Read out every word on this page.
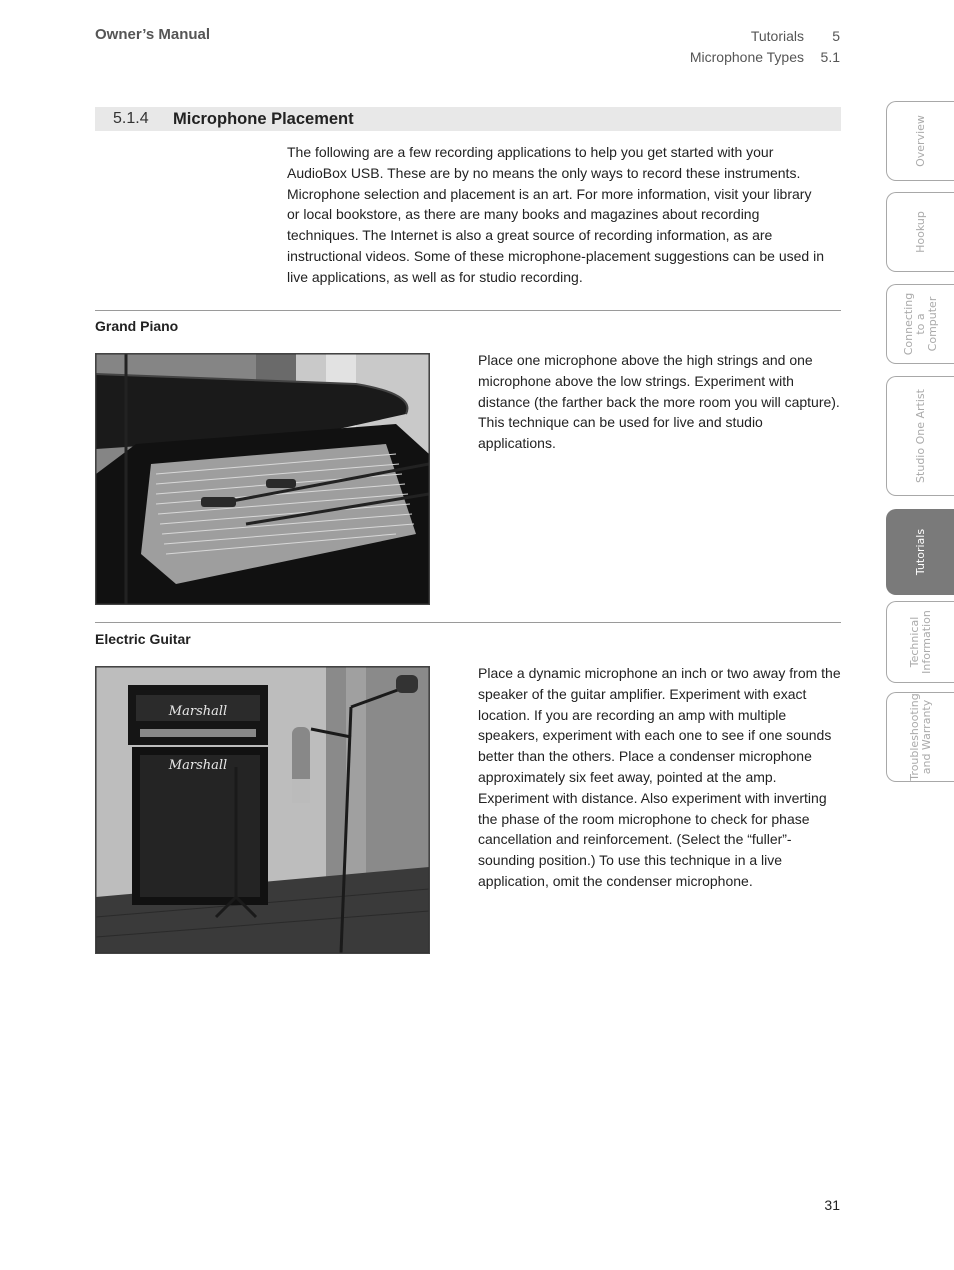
Owner’s Manual	Tutorials	5
Microphone Types	5.1
5.1.4	Microphone Placement

The following are a few recording applications to help you get started with your AudioBox USB. These are by no means the only ways to record these instruments. Microphone selection and placement is an art. For more information, visit your library or local bookstore, as there are many books and magazines about recording techniques. The Internet is also a great source of recording information, as are instructional videos. Some of these microphone-placement suggestions can be used in live applications, as well as for studio recording.

Grand Piano

Place one microphone above the high strings and one microphone above the low strings. Experiment with distance (the farther back the more room you will capture). This technique can be used for live and studio applications.

Electric Guitar
Marshall
Marshall

Place a dynamic microphone an inch or two away from the speaker of the guitar amplifier. Experiment with exact location. If you are recording an amp with multiple speakers, experiment with each one to see if one sounds better than the others. Place a condenser microphone approximately six feet away, pointed at the amp. Experiment with distance. Also experiment with inverting the phase of the room microphone to check for phase cancellation and reinforcement. (Select the “fuller”-sounding position.) To use this technique in a live application, omit the condenser microphone.

Overview
Hookup
Connecting
to a
Computer
Studio One Artist
Tutorials
Technical
Information
Troubleshooting
and Warranty
31
